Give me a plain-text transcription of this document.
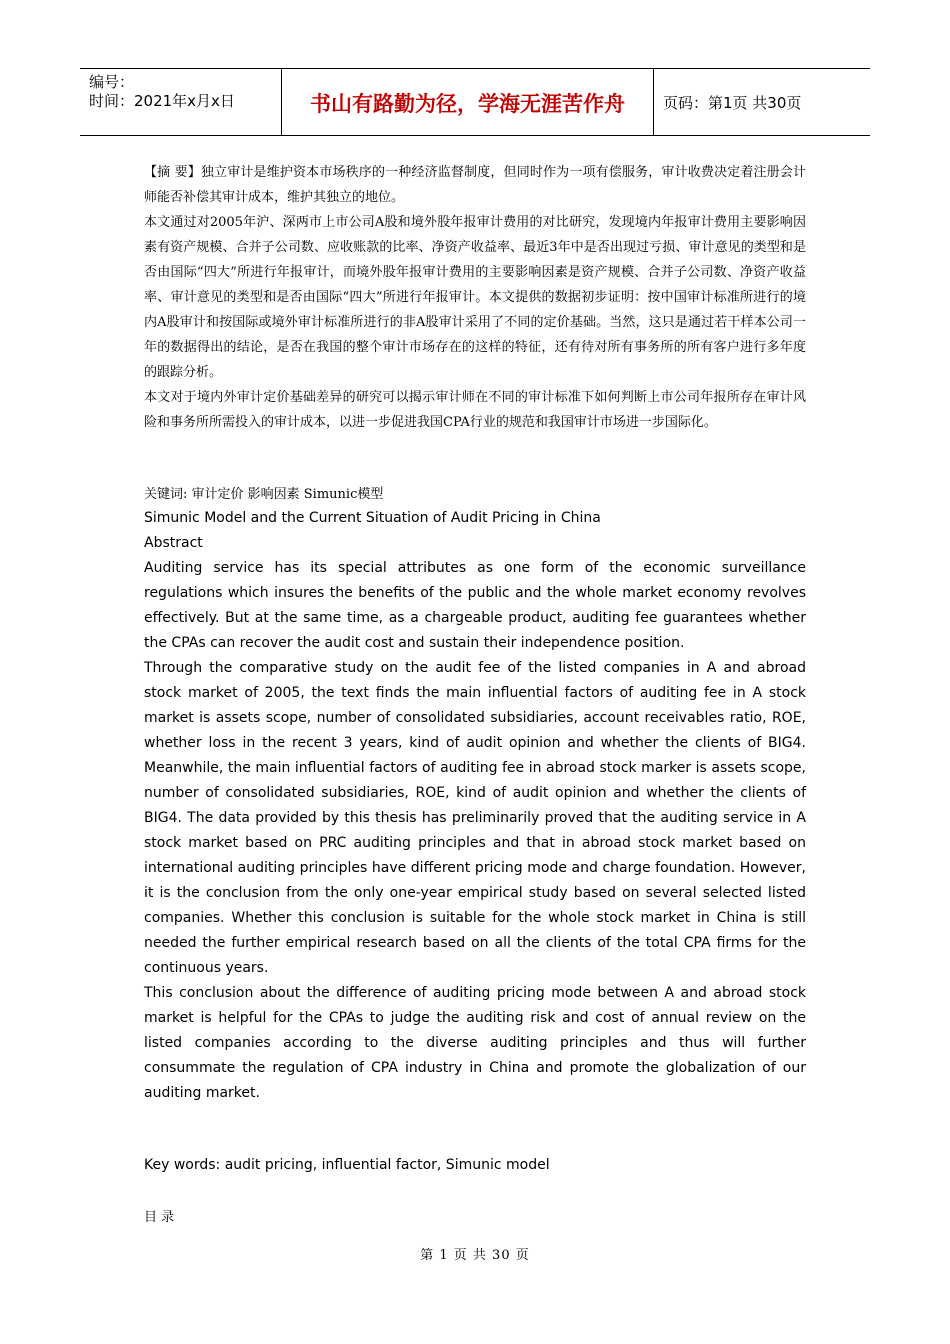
编号：
时间：2021年x月x日	书山有路勤为径，学海无涯苦作舟	页码：第1页 共30页

【摘 要】独立审计是维护资本市场秩序的一种经济监督制度，但同时作为一项有偿服务，审计收费决定着注册会计师能否补偿其审计成本，维护其独立的地位。

本文通过对2005年沪、深两市上市公司A股和境外股年报审计费用的对比研究，发现境内年报审计费用主要影响因素有资产规模、合并子公司数、应收账款的比率、净资产收益率、最近3年中是否出现过亏损、审计意见的类型和是否由国际“四大”所进行年报审计，而境外股年报审计费用的主要影响因素是资产规模、合并子公司数、净资产收益率、审计意见的类型和是否由国际“四大”所进行年报审计。本文提供的数据初步证明：按中国审计标准所进行的境内A股审计和按国际或境外审计标准所进行的非A股审计采用了不同的定价基础。当然，这只是通过若干样本公司一年的数据得出的结论，是否在我国的整个审计市场存在的这样的特征，还有待对所有事务所的所有客户进行多年度的跟踪分析。

本文对于境内外审计定价基础差异的研究可以揭示审计师在不同的审计标准下如何判断上市公司年报所存在审计风险和事务所所需投入的审计成本，以进一步促进我国CPA行业的规范和我国审计市场进一步国际化。

关键词: 审计定价 影响因素 Simunic模型

Simunic Model and the Current Situation of Audit Pricing in China

Abstract

Auditing service has its special attributes as one form of the economic surveillance regulations which insures the benefits of the public and the whole market economy revolves effectively. But at the same time, as a chargeable product, auditing fee guarantees whether the CPAs can recover the audit cost and sustain their independence position.

Through the comparative study on the audit fee of the listed companies in A and abroad stock market of 2005, the text finds the main influential factors of auditing fee in A stock market is assets scope, number of consolidated subsidiaries, account receivables ratio, ROE, whether loss in the recent 3 years, kind of audit opinion and whether the clients of BIG4. Meanwhile, the main influential factors of auditing fee in abroad stock marker is assets scope, number of consolidated subsidiaries, ROE, kind of audit opinion and whether the clients of BIG4. The data provided by this thesis has preliminarily proved that the auditing service in A stock market based on PRC auditing principles and that in abroad stock market based on international auditing principles have different pricing mode and charge foundation. However, it is the conclusion from the only one-year empirical study based on several selected listed companies. Whether this conclusion is suitable for the whole stock market in China is still needed the further empirical research based on all the clients of the total CPA firms for the continuous years.

This conclusion about the difference of auditing pricing mode between A and abroad stock market is helpful for the CPAs to judge the auditing risk and cost of annual review on the listed companies according to the diverse auditing principles and thus will further consummate the regulation of CPA industry in China and promote the globalization of our auditing market.

Key words: audit pricing, influential factor, Simunic model

目 录

第 1 页 共 30 页
